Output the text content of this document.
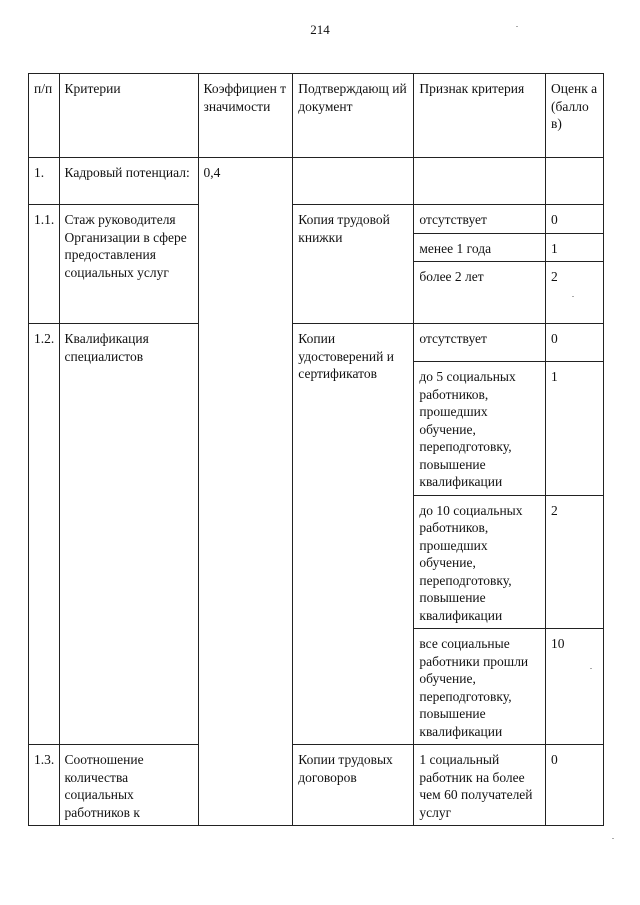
214
п/п	Критерии	Коэффициен т значимости	Подтверждающ ий документ	Признак критерия	Оценк а (балло в)
1.	Кадровый потенциал:	0,4			
1.1.	Стаж руководителя Организации в сфере предоставления социальных услуг		Копия трудовой книжки	отсутствует	0
				менее 1 года	1
				более 2 лет	2
1.2.	Квалификация специалистов		Копии удостоверений и сертификатов	отсутствует	0
				до 5 социальных работников, прошедших обучение, переподготовку, повышение квалификации	1
				до 10 социальных работников, прошедших обучение, переподготовку, повышение квалификации	2
				все социальные работники прошли обучение, переподготовку, повышение квалификации	10
1.3.	Соотношение количества социальных работников к		Копии трудовых договоров	1 социальный работник на более чем 60 получателей услуг	0
